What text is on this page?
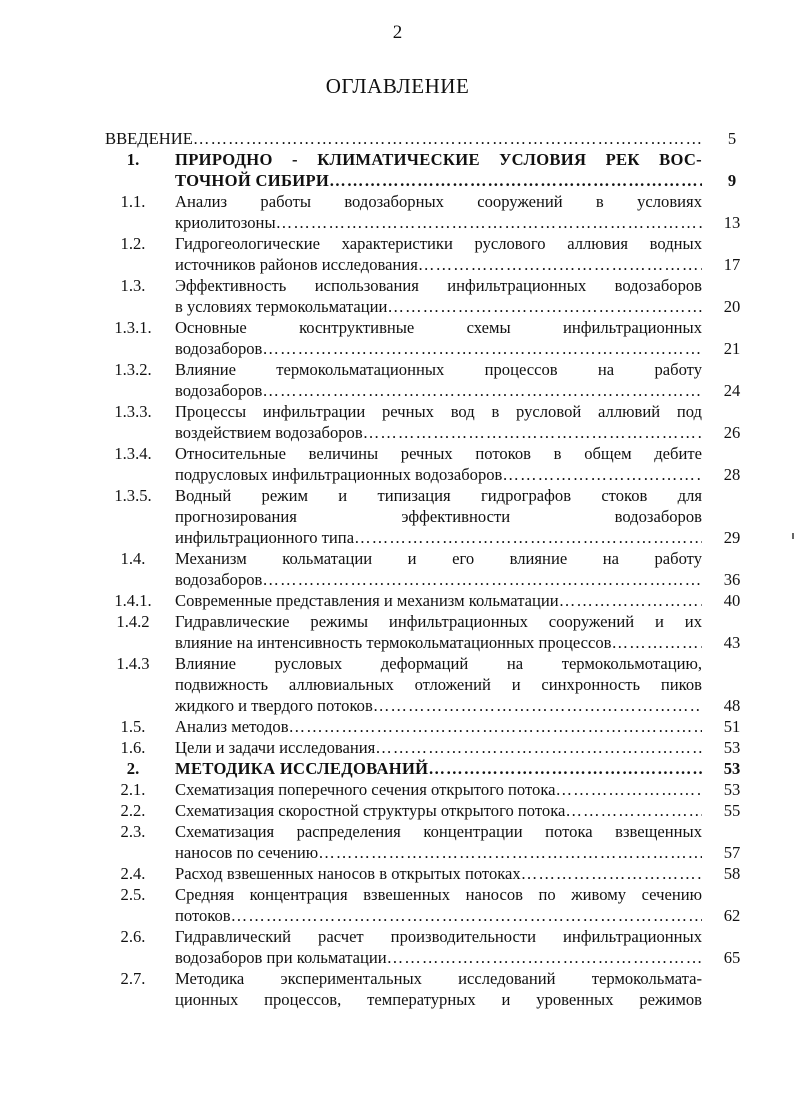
2
ОГЛАВЛЕНИЕ
ВВЕДЕНИЕ …………………………………………………………………………………………………………………………………………………………………………………………	5
1.	ПРИРОДНО - КЛИМАТИЧЕСКИЕ УСЛОВИЯ РЕК ВОС-
ТОЧНОЙ СИБИРИ …………………………………………………………………………………………………………………………………………………………………………………………	9
1.1.	Анализ работы водозаборных сооружений в условиях
криолитозоны …………………………………………………………………………………………………………………………………………………………………………………………	13
1.2.	Гидрогеологические характеристики руслового аллювия водных
источников районов исследования …………………………………………………………………………………………………………………………………………………………………………………………	17
1.3.	Эффективность использования инфильтрационных водозаборов
в условиях термокольматации …………………………………………………………………………………………………………………………………………………………………………………………	20
1.3.1.	Основные коснтруктивные схемы инфильтрационных
водозаборов …………………………………………………………………………………………………………………………………………………………………………………………	21
1.3.2.	Влияние термокольматационных процессов на работу
водозаборов …………………………………………………………………………………………………………………………………………………………………………………………	24
1.3.3.	Процессы инфильтрации речных вод в русловой аллювий под
воздействием водозаборов …………………………………………………………………………………………………………………………………………………………………………………………	26
1.3.4.	Относительные величины речных потоков в общем дебите
подрусловых инфильтрационных водозаборов …………………………………………………………………………………………………………………………………………………………………………………………	28
1.3.5.	Водный режим и типизация гидрографов стоков для
прогнозирования эффективности водозаборов
инфильтрационного типа …………………………………………………………………………………………………………………………………………………………………………………………	29
1.4.	Механизм кольматации и его влияние на работу
водозаборов …………………………………………………………………………………………………………………………………………………………………………………………	36
1.4.1.	Современные представления и механизм кольматации …………………………………………………………………………………………………………………………………………………………………………………………	40
1.4.2	Гидравлические режимы инфильтрационных сооружений и их
влияние на интенсивность термокольматационных процессов …………………………………………………………………………………………………………………………………………………………………………………………	43
1.4.3	Влияние русловых деформаций на термокольмотацию,
подвижность аллювиальных отложений и синхронность пиков
жидкого и твердого потоков …………………………………………………………………………………………………………………………………………………………………………………………	48
1.5.	Анализ методов …………………………………………………………………………………………………………………………………………………………………………………………	51
1.6.	Цели и задачи исследования …………………………………………………………………………………………………………………………………………………………………………………………	53
2.	МЕТОДИКА ИССЛЕДОВАНИЙ …………………………………………………………………………………………………………………………………………………………………………………………	53
2.1.	Схематизация поперечного сечения открытого потока …………………………………………………………………………………………………………………………………………………………………………………………	53
2.2.	Схематизация скоростной структуры открытого потока …………………………………………………………………………………………………………………………………………………………………………………………	55
2.3.	Схематизация распределения концентрации потока взвещенных
наносов по сечению …………………………………………………………………………………………………………………………………………………………………………………………	57
2.4.	Расход взвешенных наносов в открытых потоках …………………………………………………………………………………………………………………………………………………………………………………………	58
2.5.	Средняя концентрация взвешенных наносов по живому сечению
потоков …………………………………………………………………………………………………………………………………………………………………………………………	62
2.6.	Гидравлический расчет производительности инфильтрационных
водозаборов при кольматации …………………………………………………………………………………………………………………………………………………………………………………………	65
2.7.	Методика экспериментальных исследований термокольмата-
ционных процессов, температурных и уровенных режимов
